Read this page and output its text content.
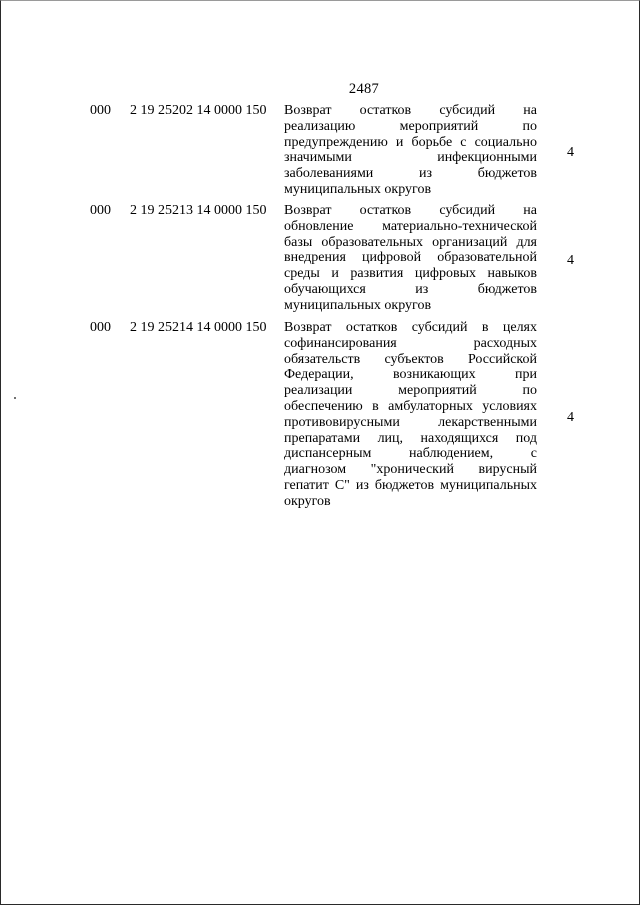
2487
000 2 19 25202 14 0000 150 Возврат остатков субсидий на
реализацию мероприятий по
предупреждению и борьбе с социально
значимыми инфекционными
заболеваниями из бюджетов
муниципальных округов
4
000 2 19 25213 14 0000 150 Возврат остатков субсидий на
обновление материально-технической
базы образовательных организаций для
внедрения цифровой образовательной
среды и развития цифровых навыков
обучающихся из бюджетов
муниципальных округов
4
000 2 19 25214 14 0000 150 Возврат остатков субсидий в целях
софинансирования расходных
обязательств субъектов Российской
Федерации, возникающих при
реализации мероприятий по
обеспечению в амбулаторных условиях
противовирусными лекарственными
препаратами лиц, находящихся под
диспансерным наблюдением, с
диагнозом "хронический вирусный
гепатит С" из бюджетов муниципальных
округов
4
